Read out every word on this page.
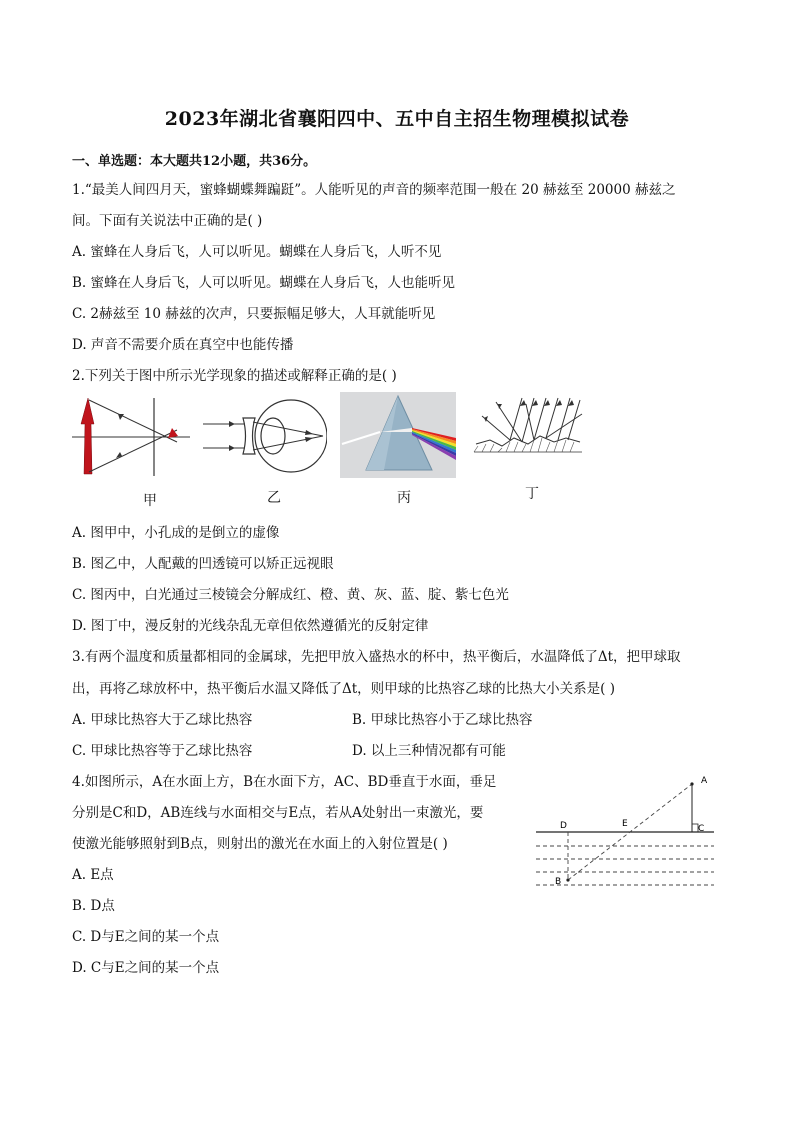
2023年湖北省襄阳四中、五中自主招生物理模拟试卷
一、单选题：本大题共12小题，共36分。
1.“最美人间四月天，蜜蜂蝴蝶舞蹁跹”。人能听见的声音的频率范围一般在 20 赫兹至 20000 赫兹之
间。下面有关说法中正确的是( )
A. 蜜蜂在人身后飞，人可以听见。蝴蝶在人身后飞，人听不见
B. 蜜蜂在人身后飞，人可以听见。蝴蝶在人身后飞，人也能听见
C. 2赫兹至 10 赫兹的次声，只要振幅足够大，人耳就能听见
D. 声音不需要介质在真空中也能传播
2.下列关于图中所示光学现象的描述或解释正确的是( )
甲	乙	丙	丁
A. 图甲中，小孔成的是倒立的虚像
B. 图乙中，人配戴的凹透镜可以矫正远视眼
C. 图丙中，白光通过三棱镜会分解成红、橙、黄、灰、蓝、腚、紫七色光
D. 图丁中，漫反射的光线杂乱无章但依然遵循光的反射定律
3.有两个温度和质量都相同的金属球，先把甲放入盛热水的杯中，热平衡后，水温降低了Δt，把甲球取
出，再将乙球放杯中，热平衡后水温又降低了Δt，则甲球的比热容乙球的比热大小关系是( )
A. 甲球比热容大于乙球比热容	B. 甲球比热容小于乙球比热容
C. 甲球比热容等于乙球比热容	D. 以上三种情况都有可能
4.如图所示，A在水面上方，B在水面下方，AC、BD垂直于水面，垂足
分别是C和D，AB连线与水面相交与E点，若从A处射出一束激光，要
使激光能够照射到B点，则射出的激光在水面上的入射位置是( )
A. E点
B. D点
C. D与E之间的某一个点
D. C与E之间的某一个点
A
B
C
D	E
